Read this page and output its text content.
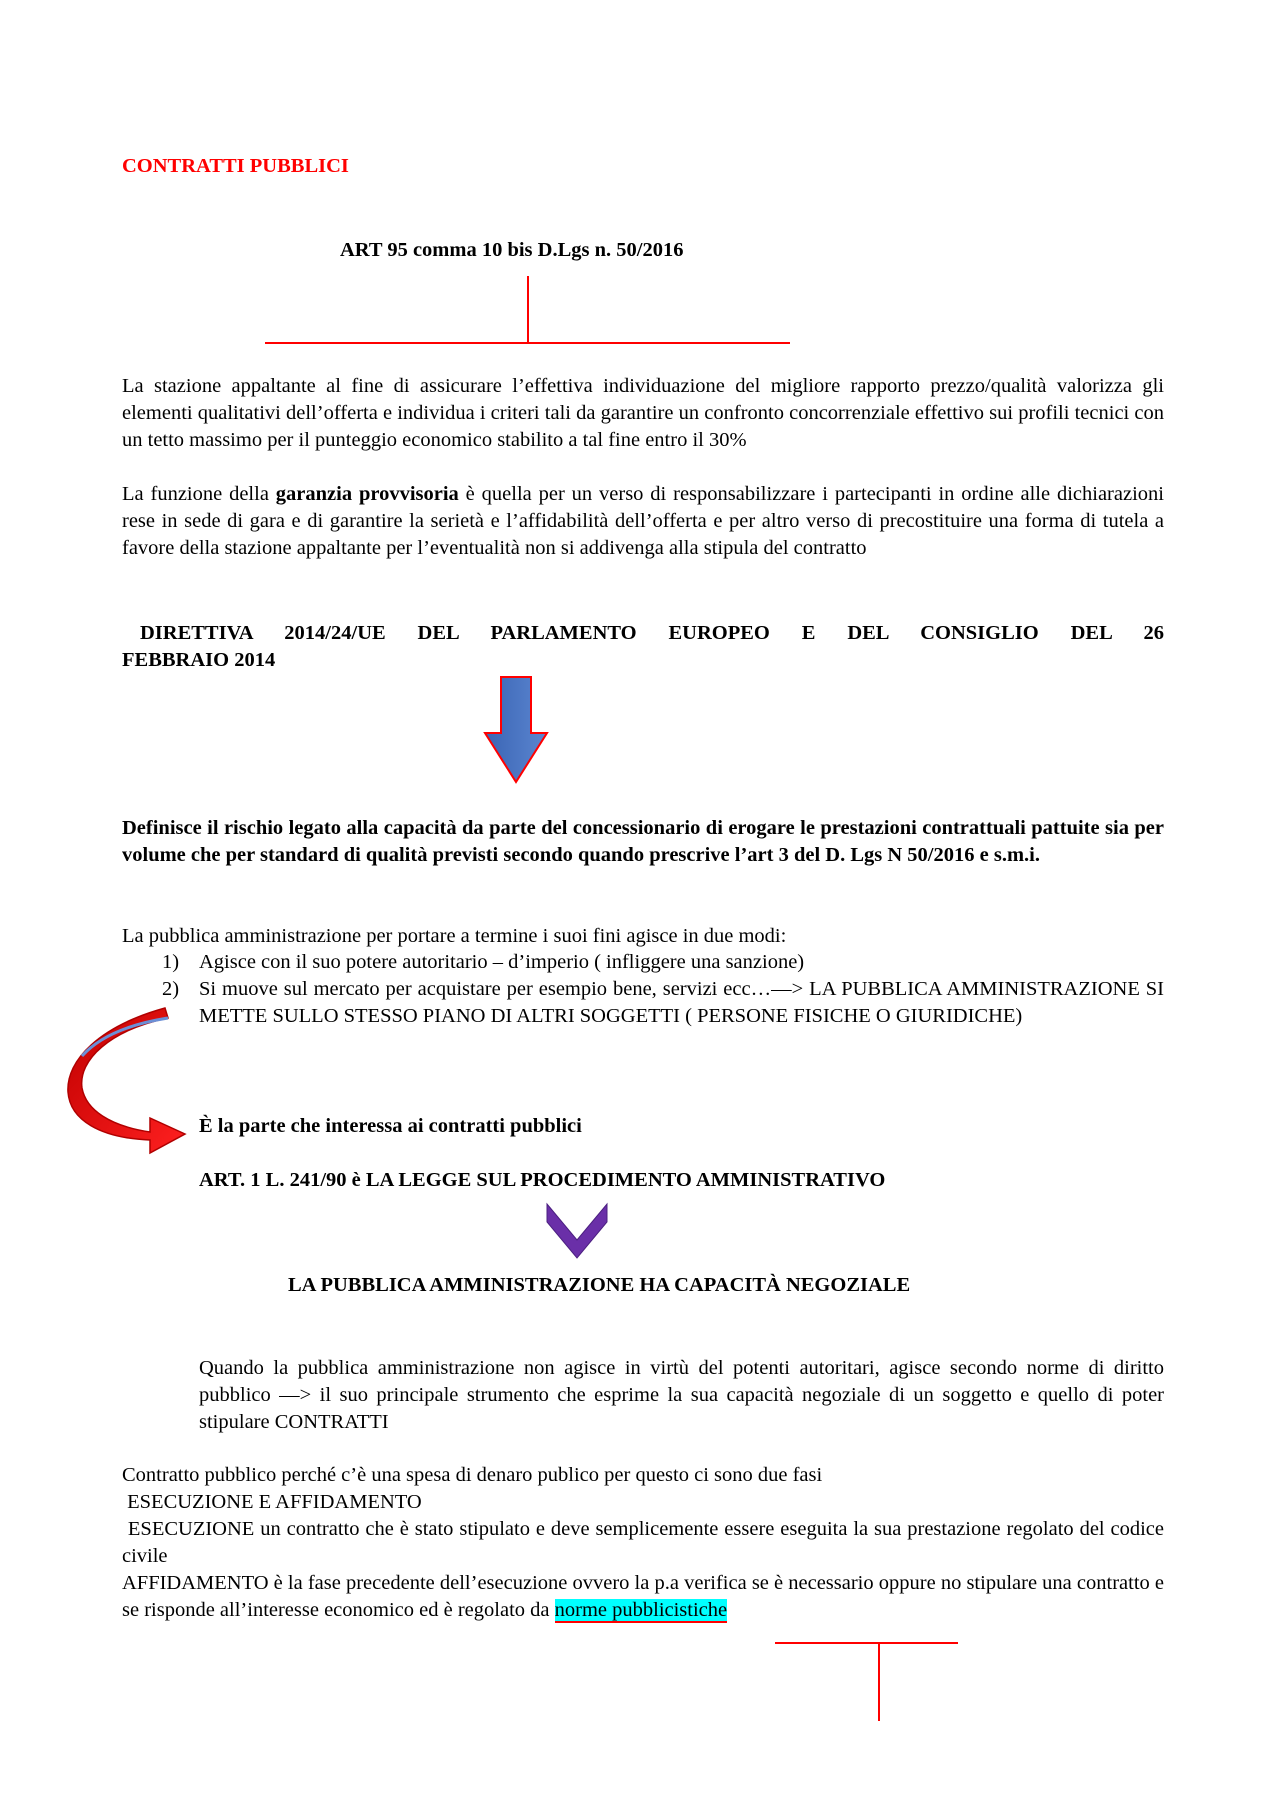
CONTRATTI PUBBLICI
ART 95 comma 10 bis D.Lgs n. 50/2016

La stazione appaltante al fine di assicurare l’effettiva individuazione del migliore rapporto prezzo/qualità valorizza gli elementi qualitativi dell’offerta e individua i criteri tali da garantire un confronto concorrenziale effettivo sui profili tecnici con un tetto massimo per il punteggio economico stabilito a tal fine entro il 30%

La funzione della garanzia provvisoria è quella per un verso di responsabilizzare i partecipanti in ordine alle dichiarazioni rese in sede di gara e di garantire la serietà e l’affidabilità dell’offerta e per altro verso di precostituire una forma di tutela a favore della stazione appaltante per l’eventualità non si addivenga alla stipula del contratto

DIRETTIVA 2014/24/UE DEL PARLAMENTO EUROPEO E DEL CONSIGLIO DEL 26
FEBBRAIO 2014

Definisce il rischio legato alla capacità da parte del concessionario di erogare le prestazioni contrattuali pattuite sia per volume che per standard di qualità previsti secondo quando prescrive l’art 3 del D. Lgs N 50/2016 e s.m.i.

La pubblica amministrazione per portare a termine i suoi fini agisce in due modi:
1) Agisce con il suo potere autoritario – d’imperio ( infliggere una sanzione)
2) Si muove sul mercato per acquistare per esempio bene, servizi ecc…—> LA PUBBLICA AMMINISTRAZIONE SI METTE SULLO STESSO PIANO DI ALTRI SOGGETTI ( PERSONE FISICHE O GIURIDICHE)
È la parte che interessa ai contratti pubblici
ART. 1 L. 241/90 è LA LEGGE SUL PROCEDIMENTO AMMINISTRATIVO
LA PUBBLICA AMMINISTRAZIONE HA CAPACITÀ NEGOZIALE

Quando la pubblica amministrazione non agisce in virtù del potenti autoritari, agisce secondo norme di diritto pubblico —> il suo principale strumento che esprime la sua capacità negoziale di un soggetto e quello di poter stipulare CONTRATTI

Contratto pubblico perché c’è una spesa di denaro publico per questo ci sono due fasi
ESECUZIONE E AFFIDAMENTO

ESECUZIONE un contratto che è stato stipulato e deve semplicemente essere eseguita la sua prestazione regolato del codice civile

AFFIDAMENTO è la fase precedente dell’esecuzione ovvero la p.a verifica se è necessario oppure no stipulare una contratto e se risponde all’interesse economico ed è regolato da norme pubblicistiche
